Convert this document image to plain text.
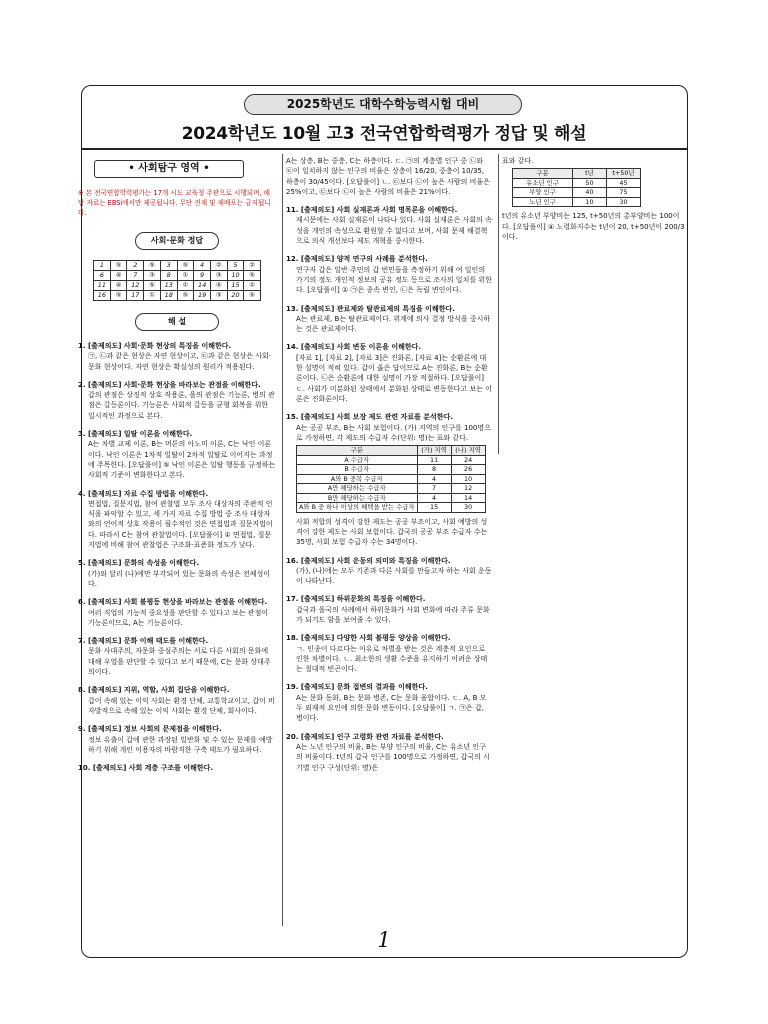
2025학년도 대학수학능력시험 대비
2024학년도 10월 고3 전국연합학력평가 정답 및 해설
• 사회탐구 영역 •
※ 본 전국연합학력평가는 17개 시도 교육청 주관으로 시행되며, 해당 자료는 EBSi에서만 제공됩니다. 무단 전재 및 재배포는 금지됩니다.
사회·문화 정답
1	⑤	2	⑤	3	⑤	4	②	5	②
6	④	7	③	8	①	9	③	10	⑤
11	④	12	⑤	13	①	14	⑤	15	①
16	⑤	17	①	18	⑤	19	③	20	⑤
해 설
1. [출제의도] 사회·문화 현상의 특징을 이해한다.
㉠, ㉡과 같은 현상은 자연 현상이고, ㉢과 같은 현상은 사회·문화 현상이다. 자연 현상은 확실성의 원리가 적용된다.
2. [출제의도] 사회·문화 현상을 바라보는 관점을 이해한다.
갑의 관점은 상징적 상호 작용론, 을의 관점은 기능론, 병의 관점은 갈등론이다. 기능론은 사회적 갈등을 균형 회복을 위한 일시적인 과정으로 본다.
3. [출제의도] 일탈 이론을 이해한다.
A는 차별 교제 이론, B는 머튼의 아노미 이론, C는 낙인 이론이다. 낙인 이론은 1차적 일탈이 2차적 일탈로 이어지는 과정에 주목한다. [오답풀이] ⑤ 낙인 이론은 일탈 행동을 규정하는 사회적 기준이 변화한다고 본다.
4. [출제의도] 자료 수집 방법을 이해한다.
면접법, 질문지법, 참여 관찰법 모두 조사 대상자의 주관적 인식을 파악할 수 있고, 세 가지 자료 수집 방법 중 조사 대상자와의 언어적 상호 작용이 필수적인 것은 면접법과 질문지법이다. 따라서 C는 참여 관찰법이다. [오답풀이] ① 면접법, 질문지법에 비해 참여 관찰법은 구조화·표준화 정도가 낮다.
5. [출제의도] 문화의 속성을 이해한다.
(가)와 달리 (나)에만 부각되어 있는 문화의 속성은 전체성이다.
6. [출제의도] 사회 불평등 현상을 바라보는 관점을 이해한다.
여러 직업의 기능적 중요성을 판단할 수 있다고 보는 관점이 기능론이므로, A는 기능론이다.
7. [출제의도] 문화 이해 태도를 이해한다.
문화 사대주의, 자문화 중심주의는 서로 다른 사회의 문화에 대해 우열을 판단할 수 있다고 보기 때문에, C는 문화 상대주의이다.
8. [출제의도] 지위, 역할, 사회 집단을 이해한다.
갑이 속해 있는 이익 사회는 환경 단체, 교통학교이고, 갑이 비자발적으로 속해 있는 이익 사회는 환경 단체, 회사이다.
9. [출제의도] 정보 사회의 문제점을 이해한다.
정보 유출이 갑에 관한 과장된 일반화 및 수 있는 문제를 예방하기 위해 개인 이용자의 바람직한 구축 태도가 필요하다.
10. [출제의도] 사회 계층 구조를 이해한다.
A는 상층, B는 중층, C는 하층이다. ㄷ. ㉠의 계층별 인구 중 ㉡와 ㉢이 일치하지 않는 인구의 비율은 상층이 16/20, 중층이 10/35, 하층이 30/45이다. [오답풀이] ㄴ. ㉢보다 ㉡이 높은 사람의 비율은 25%이고, ㉢보다 ㉡이 높은 사람의 비율은 21%이다.
11. [출제의도] 사회 실재론과 사회 명목론을 이해한다.
제시문에는 사회 실재론이 나타나 있다. 사회 실재론은 사회의 속성을 개인의 속성으로 환원할 수 없다고 보며, 사회 문제 해결책으로 의식 개선보다 제도 개혁을 중시한다.
12. [출제의도] 양적 연구의 사례를 분석한다.
연구자 갑은 일반 주민의 갑 빈민들을 측정하기 위해 여 일인의 가기의 정도 개인적 정보의 공유 정도 등으로 조사의 일치를 위한다. [오답풀이] ① ㉠은 종속 변인, ㉡은 독립 변인이다.
13. [출제의도] 관료제와 탈관료제의 특징을 이해한다.
A는 관료제, B는 탈관료제이다. 위계에 의사 결정 방식을 중시하는 것은 관료제이다.
14. [출제의도] 사회 변동 이론을 이해한다.
[자료 1], [자료 2], [자료 3]은 진화론, [자료 4]는 순환론에 대한 설명이 적혀 있다. 갑이 옳은 답이므로 A는 진화론, B는 순환론이다. ㉡은 순환론에 대한 설명이 가장 적절하다. [오답풀이] ㄷ. 사회가 미분화된 상태에서 분화된 상태로 변동한다고 보는 이론은 진화론이다.
15. [출제의도] 사회 보장 제도 관련 자료를 분석한다.
A는 공공 부조, B는 사회 보험이다. (가) 지역의 인구를 100명으로 가정하면, 각 제도의 수급자 수(단위: 명)는 표와 같다.
구분	(가) 지역	(나) 지역
A 수급자	11	24
B 수급자	8	26
A와 B 중복 수급자	4	10
A만 해당하는 수급자	7	12
B만 해당하는 수급자	4	14
A와 B 중 하나 이상의 혜택을 받는 수급자	15	30
사회 적합의 성격이 강한 제도는 공공 부조이고, 사회 예방의 성격이 강한 제도는 사회 보험이다. 갑국의 공공 부조 수급자 수는 35명, 사회 보험 수급자 수는 34명이다.
16. [출제의도] 사회 운동의 의미와 특징을 이해한다.
(가), (나)에는 모두 기존과 다른 사회를 만들고자 하는 사회 운동이 나타난다.
17. [출제의도] 하위문화의 특징을 이해한다.
갑국과 을국의 사례에서 하위문화가 사회 변화에 따라 주류 문화가 되기도 함을 보여줄 수 있다.
18. [출제의도] 다양한 사회 불평등 양상을 이해한다.
ㄱ. 인종이 다르다는 이유로 차별을 받는 것은 계층적 요인으로 인한 차별이다. ㄴ. 최소한의 생활 수준을 유지하기 어려운 상태는 절대적 빈곤이다.
19. [출제의도] 문화 접변의 결과를 이해한다.
A는 문화 동화, B는 문화 병존, C는 문화 융합이다. ㄷ. A, B 모두 외재적 요인에 의한 문화 변동이다. [오답풀이] ㄱ. ㉠은 갑, 병이다.
20. [출제의도] 인구 고령화 관련 자료를 분석한다.
A는 노년 인구의 비율, B는 부양 인구의 비율, C는 유소년 인구의 비율이다. t년의 갑국 인구를 100명으로 가정하면, 갑국의 시기별 인구 구성(단위: 명)은
표와 같다.
구분	t년	t+50년
유소년 인구	50	45
부양 인구	40	75
노년 인구	10	30
t년의 유소년 부양비는 125, t+50년의 총부양비는 100이다. [오답풀이] ④ 노령화지수는 t년이 20, t+50년이 200/3이다.
1
